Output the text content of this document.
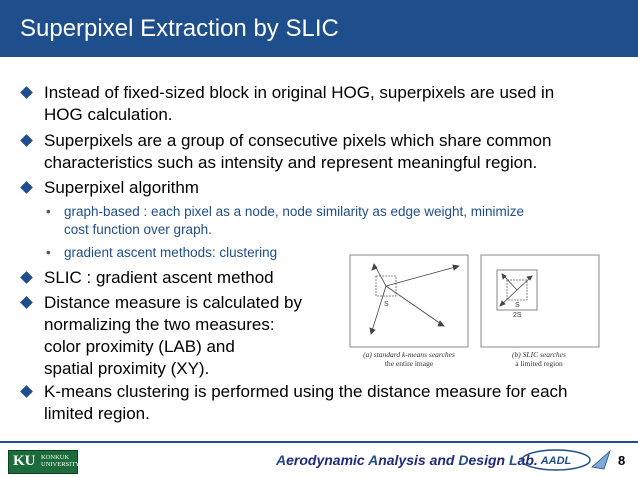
Superpixel Extraction by SLIC
Instead of fixed-sized block in original HOG, superpixels are used in
HOG calculation.
Superpixels are a group of consecutive pixels which share common
characteristics such as intensity and represent meaningful region.
Superpixel algorithm
• graph-based : each pixel as a node, node similarity as edge weight, minimize
cost function over graph.
• gradient ascent methods: clustering
SLIC : gradient ascent method
Distance measure is calculated by
normalizing the two measures:
color proximity (LAB) and
spatial proximity (XY).
K-means clustering is performed using the distance measure for each
limited region.
S	S
2S
(a) standard k-means searches
the entire image
(b) SLIC searches
a limited region
KU KONKUK
UNIVERSITY	Aerodynamic Analysis and Design Lab. AADL	8
